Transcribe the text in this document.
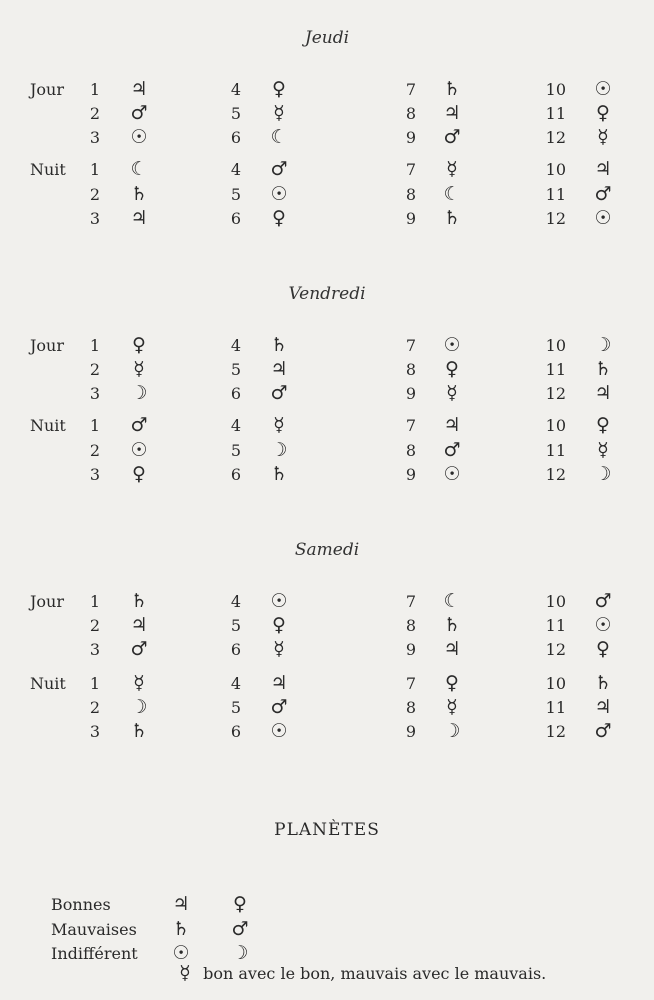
Jeudi
Jour	1 ♃	4	♀	7 ♄	10 ☉
2 ♂	5	☿	8 ♃	11	♀
3 ☉	6 ☾	9 ♂	12	☿
Nuit	1 ☾	4 ♂	7	☿	10 ♃
2 ♄	5 ☉	8 ☾	11 ♂
3 ♃	6	♀	9 ♄	12 ☉
Vendredi
Jour	1	♀	4 ♄	7 ☉	10 ☽
2	☿	5 ♃	8	♀	11 ♄
3 ☽	6 ♂	9	☿	12 ♃
Nuit	1 ♂	4	☿	7 ♃	10	♀
2 ☉	5 ☽	8 ♂	11	☿
3	♀	6 ♄	9 ☉	12 ☽
Samedi
Jour	1 ♄	4 ☉	7 ☾	10 ♂
2 ♃	5	♀	8 ♄	11 ☉
3 ♂	6	☿	9 ♃	12	♀
Nuit	1	☿	4 ♃	7	♀	10 ♄
2 ☽	5 ♂	8	☿	11 ♃
3 ♄	6 ☉	9 ☽	12 ♂
PLANÈTES
Bonnes	♃	♀
Mauvaises ♄ ♂
Indifférent ☉ ☽
☿ bon avec le bon, mauvais avec le mauvais.
